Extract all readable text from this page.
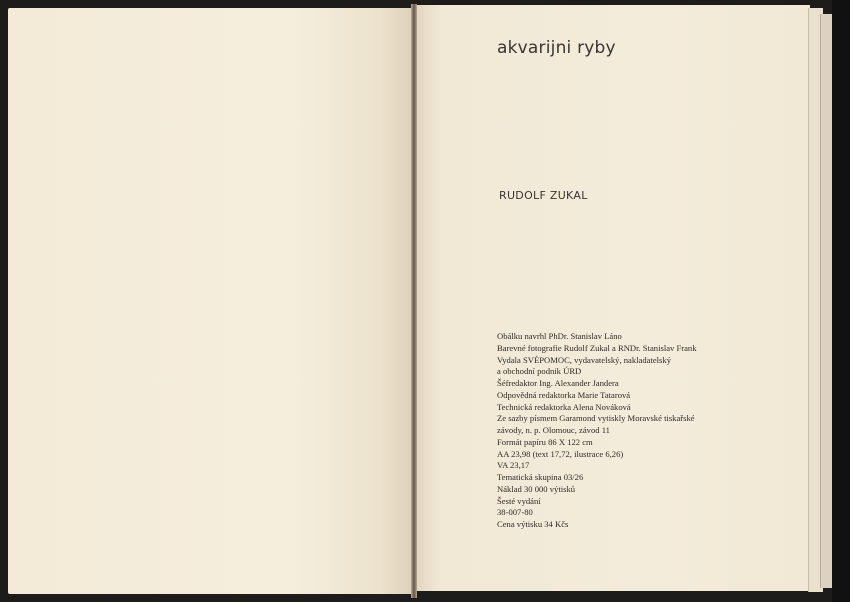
akvarijni ryby
RUDOLF ZUKAL
Obálku navrhl PhDr. Stanislav Láno
Barevné fotografie Rudolf Zukal a RNDr. Stanislav Frank
Vydala SVÉPOMOC, vydavatelský, nakladatelský
a obchodní podnik ÚRD
Šéfredaktor Ing. Alexander Jandera
Odpovědná redaktorka Marie Tatarová
Technická redaktorka Alena Nováková
Ze sazby písmem Garamond vytiskly Moravské tiskařské
závody, n. p. Olomouc, závod 11
Formát papíru 86 X 122 cm
AA 23,98 (text 17,72, ilustrace 6,26)
VA 23,17
Tematická skupina 03/26
Náklad 30 000 výtisků
Šesté vydání
38-007-80
Cena výtisku 34 Kčs
